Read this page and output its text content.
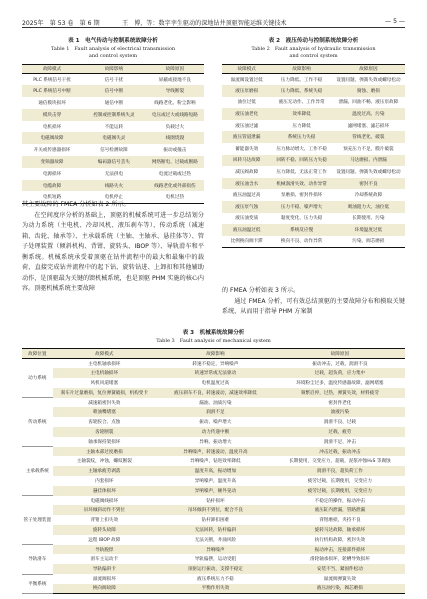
2025年　第 53 卷　第 6 期	王　博，等：数字孪生驱动的深地钻井顶驱智能运维关键技术	— 5 —
表 1　电气传动与控制系统故障分析
Table 1　Fault analysis of electrical transmission
and control system
故障模式	故障影响	故障原因
PLC 系统信号干扰	信号干扰	屏蔽或接地不良
PLC 系统信号中断	信号中断	导线断裂
通信模块损坏	通信中断	线路老化、粉尘影响
模块击穿	控制或控制系统失灵	电压或过大或线路短路
电机损坏	不能运转	负载过大
电磁阀故障	电磁阀失灵	线圈烧毁
开关或传感器损坏	信号检测故障	振动或撞击
变频器故障	编码器信号丢失	网络断电、过载或断路
电源损坏	无法供电	电流过载或过热
电缆故障	线路失火	线路老化或外部损伤
电机短路	电机停止	电机过热
表 2　液压传动与控制系统故障分析
Table 2　Fault analysis of hydraulic transmission
and control system
故障模式	故障影响	故障原因
溢流阀设置过低	压力降低、工作不稳	设置问题、弹簧失效或螺母松动
液压泵磨损	压力降低、系统失稳	腐蚀、磨损
油位过低	液压无动作、工作异常	泄漏、回油不畅、液压泵故障
液压油老化	效率降低	温度过高、污染
液压油过滤	压力降低	滤网堵塞、滤芯损坏
液压管道泄漏	系统压力失稳	管线老化、破裂
蓄能器失效	压力脉动增大、工作不稳	预充压力不足、膜片破裂
回转马达故障	回转不稳、回转压力失稳	马达磨损、内泄漏
减压阀故障	压力降低、无法正常工作	设置问题、弹簧失效或螺母松动
液压油含水	机械润滑失效、动作异常	密封不良
液压油温过高	泵磨损、密封件损坏	冷却系统故障
液压泵气蚀	压力不稳、噪声增大	吸油阻力大、油位低
液压油变质	黏度变化、压力失稳	长期使用、污染
液压油温过低	系统反应慢	环境温度过低
比例换向阀卡滞	换向不良、动作异常	污染、阀芯磨损

其主要故障的 FMEA 分析如表 2 所示。

在空间度序分析的基础上，顶驱的机械系统可进一步总结划分为动力系统（主电机、冷却风机、液压刹车等）、传动系统（减速箱、齿轮、轴承等）、主承载系统（主轴、主轴承、悬挂体等）、管子处理装置（倾斜机构、背钳、旋转头、IBOP 等）、导轨滑车和平衡系统。机械系统承受着顶驱在钻井流程中的最大和最集中的载荷，直接完成钻井流程中的起下钻、旋转钻进、上卸扣和其他辅助动作，是顶驱最为关键的馈机械系统，也是顶驱 PHM 实施的核心内容。顶驱机械系统主要故障	的 FMEA 分析如表 3 所示。

通过 FMEA 分析，可有效总结顶驱的主要故障分布和摸取关键系统，从而用于指导 PHM 方案制

表 3　机械系统故障分析
Table 3　Fault analysis of mechanical system
故障位置	故障模式	故障影响	故障原因
动力系统	主电机轴承损坏	转速不稳定，异响噪声	振动冲击，过载，润滑不良
	主电机轴损坏	转速异常或无法驱动	过载，超负荷，应力集中
	风机风道堵塞	电机温度过高	环境粉尘过多，温度传感器故障，滤网堵塞
	刹车片过量磨损，复位弹簧破损，机构变卡	液压刹车不良，转速波动，减速效率降低	频繁启停，过热，弹簧失效，材料疲劳
传动系统	减速箱密封失效	漏油、油质污染	密封件老化
	喷油嘴堵塞	润滑不足	油液污染
	齿轮胶合、点蚀	振动、噪声增大	润滑不良、过载
	齿轮断裂	动力传递中断	过载、疲劳
	轴承保持架损坏	异响、振动增大	润滑不足、冲击
主承载系统	主轴本部过度磨损	异响噪声，转速波动，温度升高	冲击过载，振动冲击
	主轴裂纹，冲蚀，螺纹断裂	异响噪声，钻进效率降低	长期使用，交变应力，超载，泥浆冲蚀H₂S 等腐蚀
	主轴承疲劳剥落	温度升高，振动增加	润滑不良，超负荷工作
	内套损坏	异响噪声，温度升高	疲劳过载，长期使用，交变应力
	悬挂体损坏	异响噪声，额外晃动	疲劳过载，长期使用，交变应力
管子处理装置	电磁阀线损坏	钻杆损坏	不稳定的操作，振动冲击
	吊环倾斜动作不到位	吊环倾斜不到位，配合不良	液压缸内泄漏，管路泄漏
	背钳上扣失效	钻杆卸扣困难	背钳磨损，夹持不良
	旋转头故障	无法回转，钻杆偏斜	旋转马达故障，轴承损坏
	远程 IBOP 故障	无法关断，井涌风险	执行机构故障，密封失效
导轨滑车	导轨脱焊	异响噪声	振动冲击，连接部件损坏
	滑车主运动卡	导轨偏摆，运动受阻	滑轮轴承损坏，轮槽导致损坏
	导轨偏斜卡	顶驱运行振动，支撑不稳定	安装不当，紧固件松动
平衡系统	溢流阀损坏	液压系统压力不稳	溢流阀弹簧失效
	换向阀故障	平衡作用失效	液压油污染，阀芯磨损
